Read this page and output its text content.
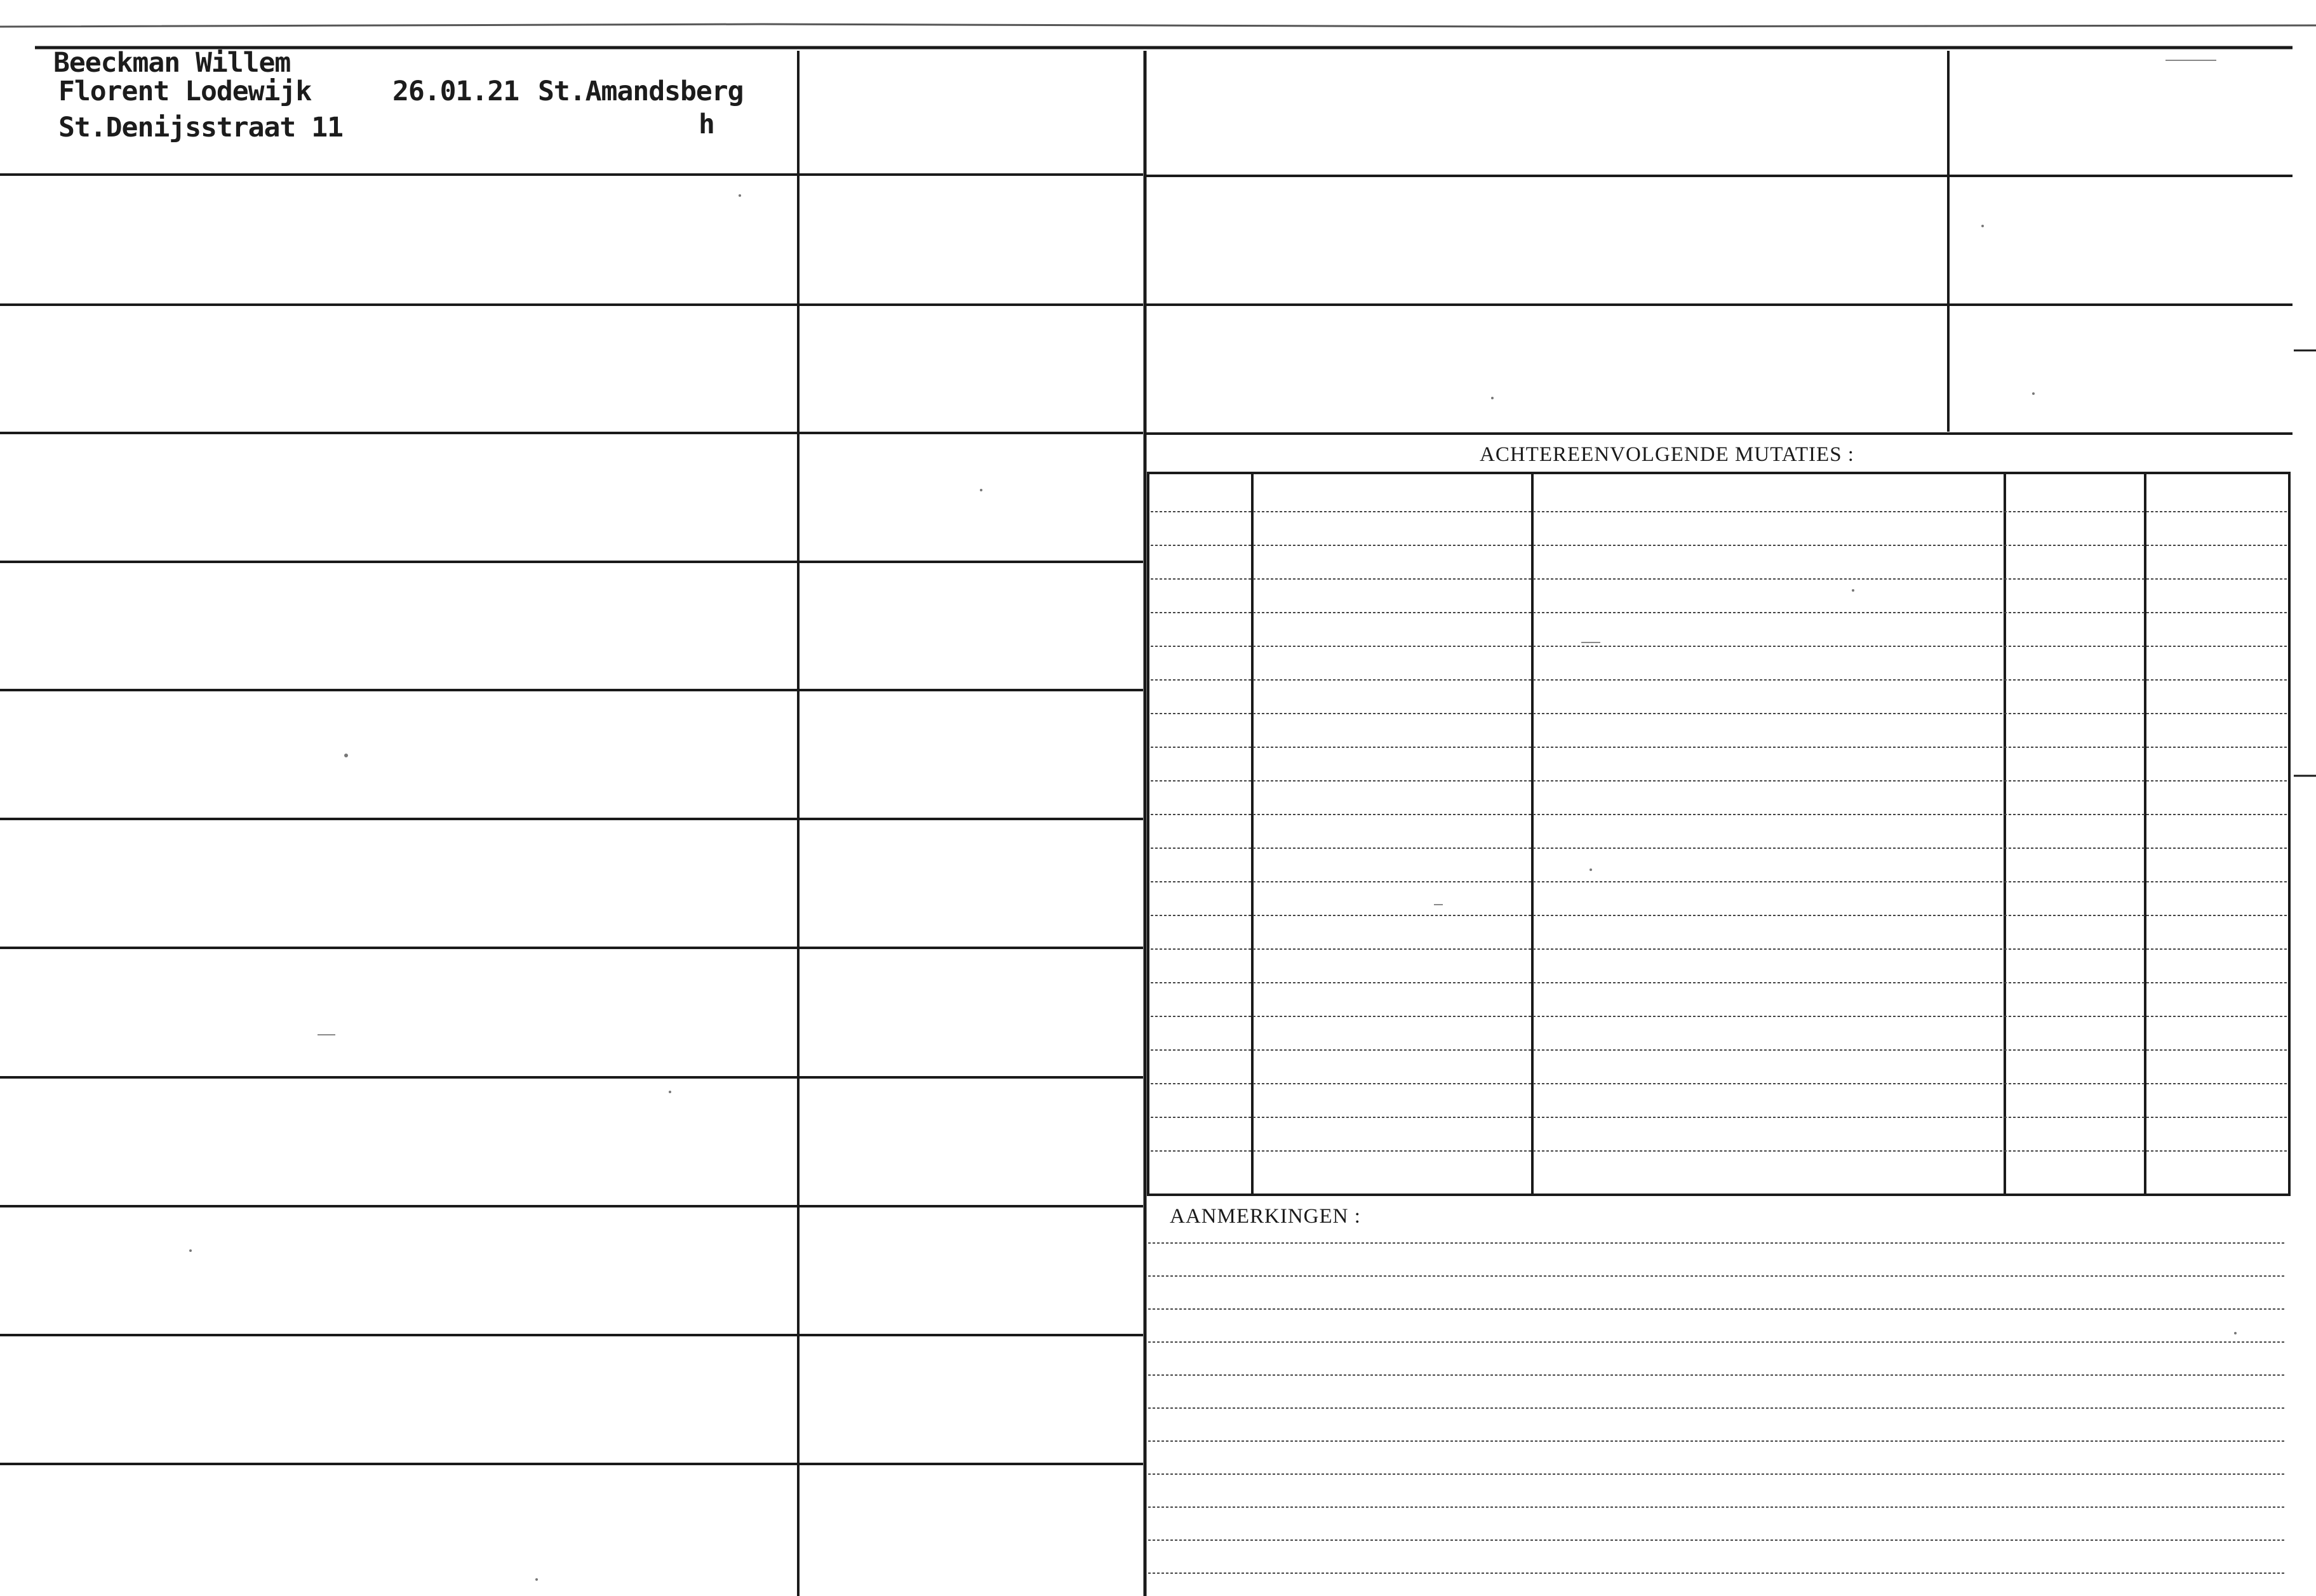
Beeckman Willem
Florent Lodewijk	26.01.21 St.Amandsberg
St.Denijsstraat 11	h
ACHTEREENVOLGENDE MUTATIES :
AANMERKINGEN :
